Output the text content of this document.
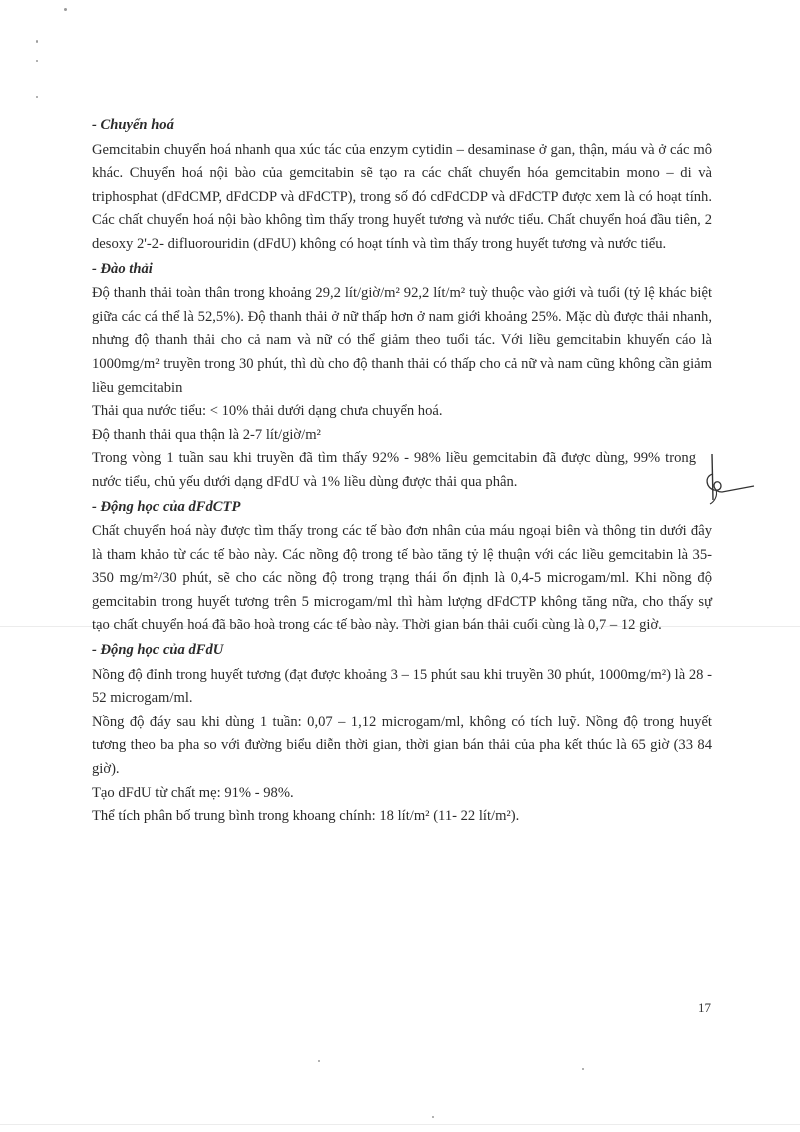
- Chuyển hoá

Gemcitabin chuyển hoá nhanh qua xúc tác của enzym cytidin – desaminase ở gan, thận, máu và ở các mô khác. Chuyển hoá nội bào của gemcitabin sẽ tạo ra các chất chuyển hóa gemcitabin mono – di và triphosphat (dFdCMP, dFdCDP và dFdCTP), trong số đó cdFdCDP và dFdCTP được xem là có hoạt tính. Các chất chuyển hoá nội bào không tìm thấy trong huyết tương và nước tiểu. Chất chuyển hoá đầu tiên, 2 desoxy 2'-2- difluorouridin (dFdU) không có hoạt tính và tìm thấy trong huyết tương và nước tiểu.

- Đào thải

Độ thanh thải toàn thân trong khoảng 29,2 lít/giờ/m² 92,2 lít/m² tuỳ thuộc vào giới và tuổi (tỷ lệ khác biệt giữa các cá thể là 52,5%). Độ thanh thải ở nữ thấp hơn ở nam giới khoảng 25%. Mặc dù được thải nhanh, nhưng độ thanh thải cho cả nam và nữ có thể giảm theo tuổi tác. Với liều gemcitabin khuyến cáo là 1000mg/m² truyền trong 30 phút, thì dù cho độ thanh thải có thấp cho cả nữ và nam cũng không cần giảm liều gemcitabin

Thải qua nước tiểu: < 10% thải dưới dạng chưa chuyển hoá.

Độ thanh thải qua thận là 2-7 lít/giờ/m²

Trong vòng 1 tuần sau khi truyền đã tìm thấy 92% - 98% liều gemcitabin đã được dùng, 99% trong nước tiểu, chủ yếu dưới dạng dFdU và 1% liều dùng được thải qua phân.

- Động học của dFdCTP

Chất chuyển hoá này được tìm thấy trong các tế bào đơn nhân của máu ngoại biên và thông tin dưới đây là tham khảo từ các tế bào này. Các nồng độ trong tế bào tăng tỷ lệ thuận với các liều gemcitabin là 35-350 mg/m²/30 phút, sẽ cho các nồng độ trong trạng thái ổn định là 0,4-5 microgam/ml. Khi nồng độ gemcitabin trong huyết tương trên 5 microgam/ml thì hàm lượng dFdCTP không tăng nữa, cho thấy sự tạo chất chuyển hoá đã bão hoà trong các tế bào này. Thời gian bán thải cuối cùng là 0,7 – 12 giờ.

- Động học của dFdU

Nồng độ đỉnh trong huyết tương (đạt được khoảng 3 – 15 phút sau khi truyền 30 phút, 1000mg/m²) là 28 - 52 microgam/ml.

Nồng độ đáy sau khi dùng 1 tuần: 0,07 – 1,12 microgam/ml, không có tích luỹ. Nồng độ trong huyết tương theo ba pha so với đường biểu diễn thời gian, thời gian bán thải của pha kết thúc là 65 giờ (33 84 giờ).

Tạo dFdU từ chất mẹ: 91% - 98%.

Thể tích phân bố trung bình trong khoang chính: 18 lít/m² (11- 22 lít/m²).

17
